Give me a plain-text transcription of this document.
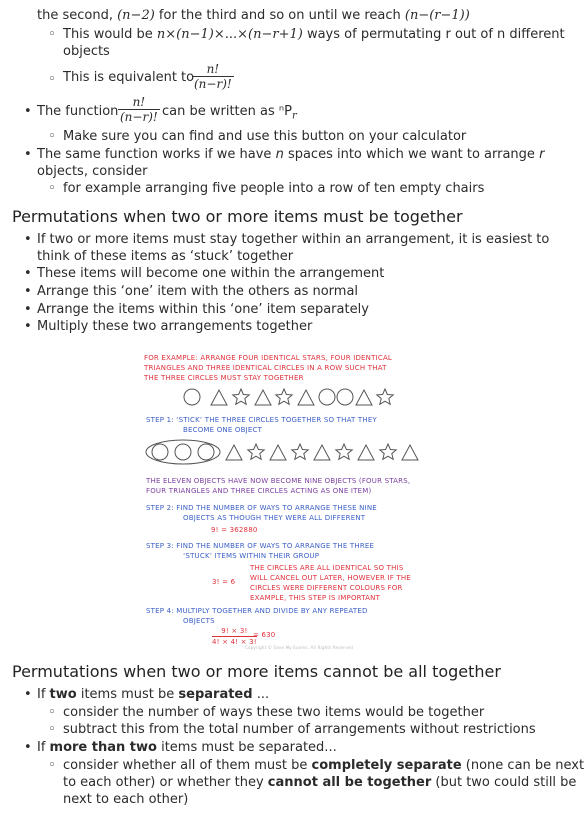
the second, (n−2) for the third and so on until we reach (n−(r−1))
◦ This would be n×(n−1)×...×(n−r+1) ways of permutating r out of n different
objects
◦ This is equivalent to
$\frac{n!}{(n-r)!}$
• The function $\frac{n!}{(n-r)!}$ can be written as ⁿP$_r$
◦ Make sure you can find and use this button on your calculator
• The same function works if we have n spaces into which we want to arrange r
objects, consider
◦ for example arranging five people into a row of ten empty chairs
Permutations when two or more items must be together
• If two or more items must stay together within an arrangement, it is easiest to
think of these items as ‘stuck’ together
• These items will become one within the arrangement
• Arrange this ‘one’ item with the others as normal
• Arrange the items within this ‘one’ item separately
• Multiply these two arrangements together
FOR EXAMPLE: ARRANGE FOUR IDENTICAL STARS, FOUR IDENTICAL
TRIANGLES AND THREE IDENTICAL CIRCLES IN A ROW SUCH THAT
THE THREE CIRCLES MUST STAY TOGETHER
STEP 1: ‘STICK’ THE THREE CIRCLES TOGETHER SO THAT THEY
BECOME ONE OBJECT
THE ELEVEN OBJECTS HAVE NOW BECOME NINE OBJECTS (FOUR STARS,
FOUR TRIANGLES AND THREE CIRCLES ACTING AS ONE ITEM)
STEP 2: FIND THE NUMBER OF WAYS TO ARRANGE THESE NINE
OBJECTS AS THOUGH THEY WERE ALL DIFFERENT
9! = 362880
STEP 3: FIND THE NUMBER OF WAYS TO ARRANGE THE THREE
‘STUCK’ ITEMS WITHIN THEIR GROUP
THE CIRCLES ARE ALL IDENTICAL SO THIS
3! = 6 WILL CANCEL OUT LATER, HOWEVER IF THE
CIRCLES WERE DIFFERENT COLOURS FOR
EXAMPLE, THIS STEP IS IMPORTANT
STEP 4: MULTIPLY TOGETHER AND DIVIDE BY ANY REPEATED
OBJECTS
$\frac{9! \times 3!}{4! \times 4! \times 3!}$
= 630
Copyright © Save My Exams. All Rights Reserved
Permutations when two or more items cannot be all together
• If two items must be separated ...
◦ consider the number of ways these two items would be together
◦ subtract this from the total number of arrangements without restrictions
• If more than two items must be separated...
◦ consider whether all of them must be completely separate (none can be next
to each other) or whether they cannot all be together (but two could still be
next to each other)
